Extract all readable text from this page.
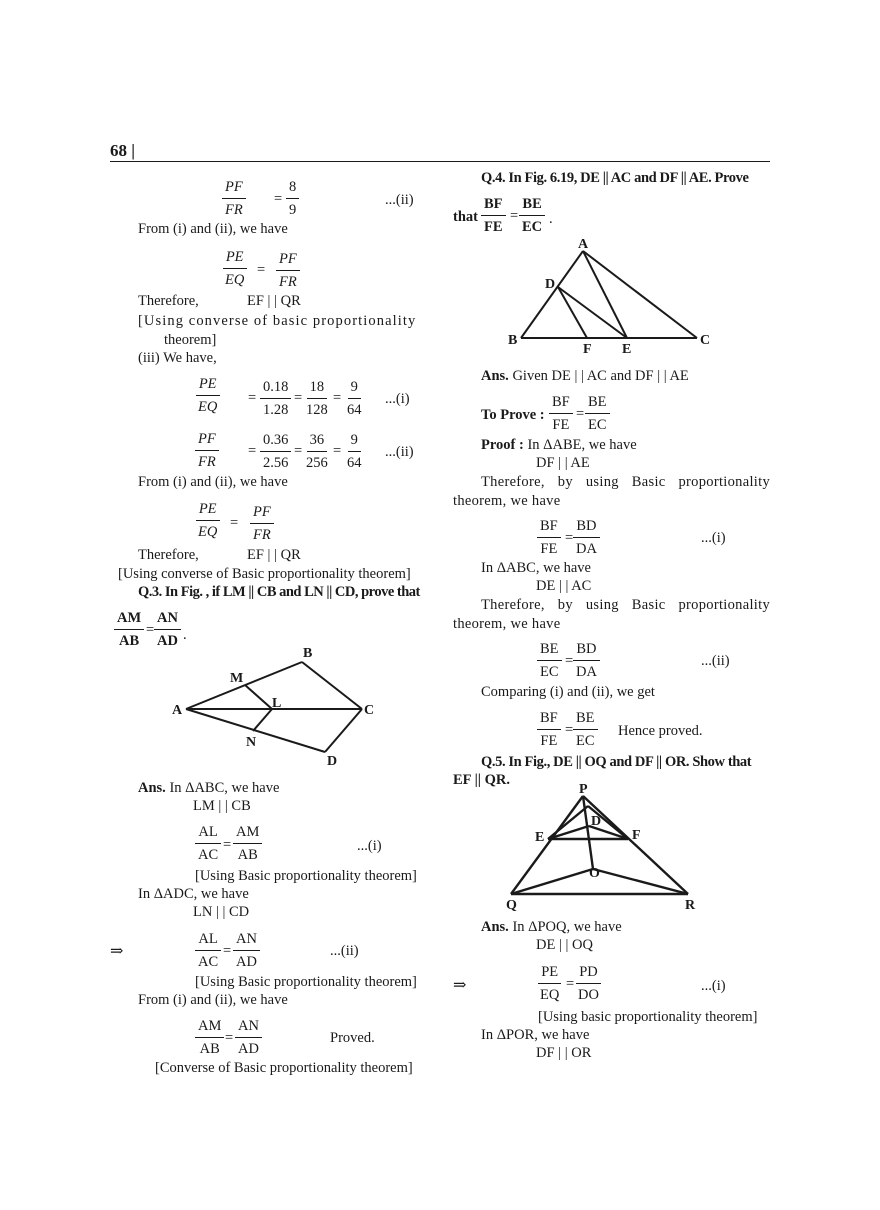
68 |
$\frac{PF}{FR} = \frac{8}{9}$	...(ii)
From (i) and (ii), we have
$\frac{PE}{EQ} = \frac{PF}{FR}$
Therefore,	EF | | QR
[Using converse of basic proportionality
theorem]
(iii) We have,
$\frac{PE}{EQ} = \frac{0.18}{1.28} = \frac{18}{128} = \frac{9}{64} ...(i)$
$\frac{PF}{FR} = \frac{0.36}{2.56} = \frac{36}{256} = \frac{9}{64} ...(ii)$
From (i) and (ii), we have
$\frac{PE}{EQ} = \frac{PF}{FR}$
Therefore,	EF | | QR
[Using converse of Basic proportionality theorem]
Q.3. In Fig. , if LM || CB and LN || CD, prove that
$\frac{AM}{AB} = \frac{AN}{AD}$ .
A
B
C
D
L
M
N
Ans. In ΔABC, we have
LM | | CB
$\frac{AL}{AC} = \frac{AM}{AB}$	...(i)
[Using Basic proportionality theorem]
In ΔADC, we have
LN | | CD
⇒	$\frac{AL}{AC} = \frac{AN}{AD}$	...(ii)
[Using Basic proportionality theorem]
From (i) and (ii), we have
$\frac{AM}{AB} = \frac{AN}{AD}$	Proved.
[Converse of Basic proportionality theorem]
Q.4. In Fig. 6.19, DE || AC and DF || AE. Prove
that $\frac{BF}{FE} = \frac{BE}{EC}$ .
A
D
B
F E
C
Ans. Given DE | | AC and DF | | AE
To Prove : $\frac{BF}{FE} = \frac{BE}{EC}$
Proof : In ΔABE, we have
DF | | AE
Therefore, by using Basic proportionality theorem, we have
$\frac{BF}{FE} = \frac{BD}{DA}$	...(i)
In ΔABC, we have
DE | | AC
Therefore, by using Basic proportionality theorem, we have
$\frac{BE}{EC} = \frac{BD}{DA}$	...(ii)
Comparing (i) and (ii), we get
$\frac{BF}{FE} = \frac{BE}{EC}$ Hence proved.
Q.5. In Fig., DE || OQ and DF || OR. Show that
EF || QR.
P
D
E	F
O
Q	R
Ans. In ΔPOQ, we have
DE | | OQ
⇒	$\frac{PE}{EQ} = \frac{PD}{DO}$	...(i)
[Using basic proportionality theorem]
In ΔPOR, we have
DF | | OR
